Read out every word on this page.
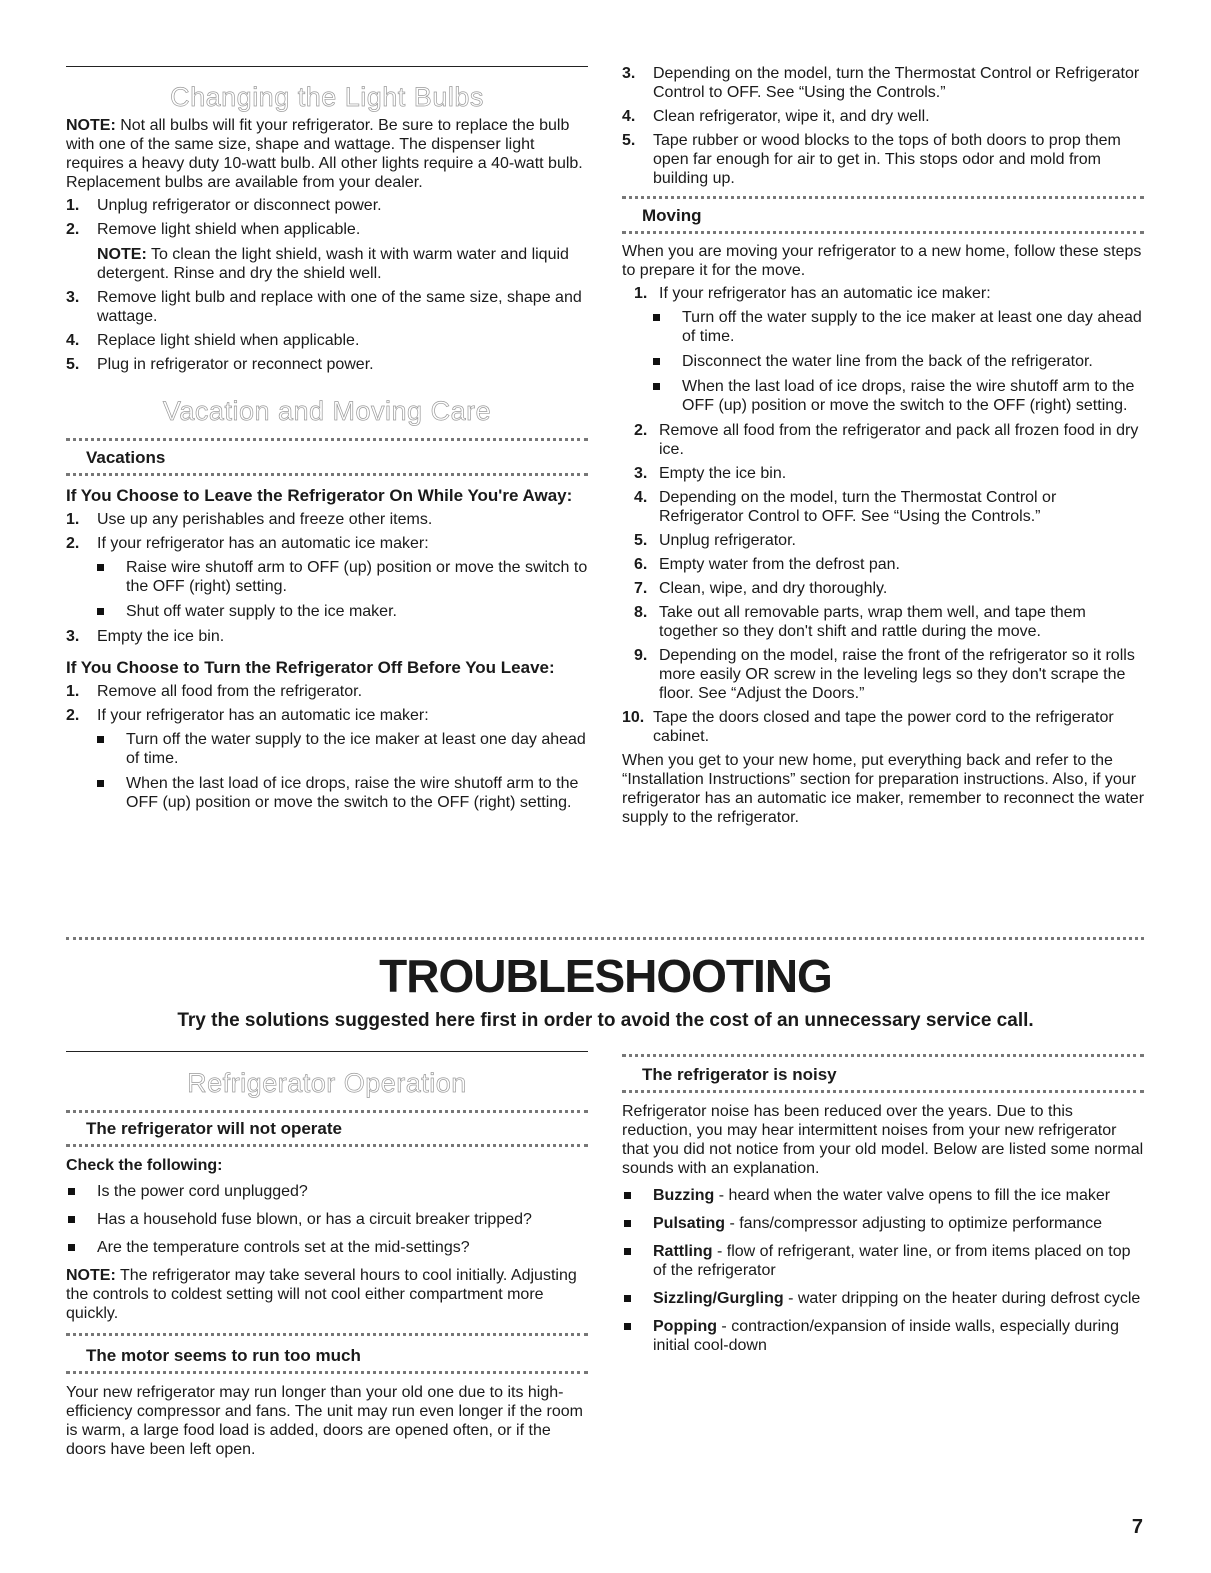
Changing the Light Bulbs

NOTE: Not all bulbs will fit your refrigerator. Be sure to replace the bulb with one of the same size, shape and wattage. The dispenser light requires a heavy duty 10-watt bulb. All other lights require a 40-watt bulb. Replacement bulbs are available from your dealer.

1.	Unplug refrigerator or disconnect power.
2.	Remove light shield when applicable.

NOTE: To clean the light shield, wash it with warm water and liquid detergent. Rinse and dry the shield well.

3.	Remove light bulb and replace with one of the same size, shape and wattage.
4.	Replace light shield when applicable.
5.	Plug in refrigerator or reconnect power.
Vacation and Moving Care
Vacations
If You Choose to Leave the Refrigerator On While You're Away:
1.	Use up any perishables and freeze other items.
2.	If your refrigerator has an automatic ice maker:
Raise wire shutoff arm to OFF (up) position or move the switch to the OFF (right) setting.
Shut off water supply to the ice maker.
3.	Empty the ice bin.
If You Choose to Turn the Refrigerator Off Before You Leave:
1.	Remove all food from the refrigerator.
2.	If your refrigerator has an automatic ice maker:
Turn off the water supply to the ice maker at least one day ahead of time.
When the last load of ice drops, raise the wire shutoff arm to the OFF (up) position or move the switch to the OFF (right) setting.
3.	Depending on the model, turn the Thermostat Control or Refrigerator Control to OFF. See “Using the Controls.”
4.	Clean refrigerator, wipe it, and dry well.
5.	Tape rubber or wood blocks to the tops of both doors to prop them open far enough for air to get in. This stops odor and mold from building up.
Moving

When you are moving your refrigerator to a new home, follow these steps to prepare it for the move.

1. If your refrigerator has an automatic ice maker:
Turn off the water supply to the ice maker at least one day ahead of time.
Disconnect the water line from the back of the refrigerator.
When the last load of ice drops, raise the wire shutoff arm to the OFF (up) position or move the switch to the OFF (right) setting.
2. Remove all food from the refrigerator and pack all frozen food in dry ice.
3. Empty the ice bin.
4. Depending on the model, turn the Thermostat Control or Refrigerator Control to OFF. See “Using the Controls.”
5. Unplug refrigerator.
6. Empty water from the defrost pan.
7. Clean, wipe, and dry thoroughly.
8. Take out all removable parts, wrap them well, and tape them together so they don't shift and rattle during the move.
9. Depending on the model, raise the front of the refrigerator so it rolls more easily OR screw in the leveling legs so they don't scrape the floor. See “Adjust the Doors.”
10. Tape the doors closed and tape the power cord to the refrigerator cabinet.

When you get to your new home, put everything back and refer to the “Installation Instructions” section for preparation instructions. Also, if your refrigerator has an automatic ice maker, remember to reconnect the water supply to the refrigerator.

TROUBLESHOOTING
Try the solutions suggested here first in order to avoid the cost of an unnecessary service call.
Refrigerator Operation
The refrigerator will not operate
Check the following:
Is the power cord unplugged?
Has a household fuse blown, or has a circuit breaker tripped?
Are the temperature controls set at the mid-settings?

NOTE: The refrigerator may take several hours to cool initially. Adjusting the controls to coldest setting will not cool either compartment more quickly.

The motor seems to run too much

Your new refrigerator may run longer than your old one due to its high-efficiency compressor and fans. The unit may run even longer if the room is warm, a large food load is added, doors are opened often, or if the doors have been left open.

The refrigerator is noisy

Refrigerator noise has been reduced over the years. Due to this reduction, you may hear intermittent noises from your new refrigerator that you did not notice from your old model. Below are listed some normal sounds with an explanation.

Buzzing - heard when the water valve opens to fill the ice maker
Pulsating - fans/compressor adjusting to optimize performance
Rattling - flow of refrigerant, water line, or from items placed on top of the refrigerator
Sizzling/Gurgling - water dripping on the heater during defrost cycle
Popping - contraction/expansion of inside walls, especially during initial cool-down
7
